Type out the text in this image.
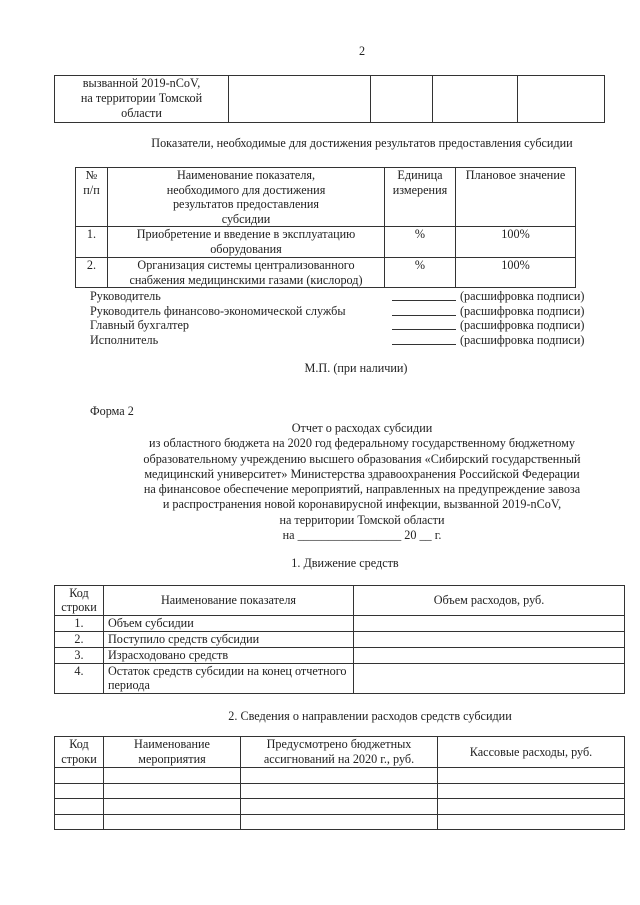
2
вызванной 2019-nCoV,
на территории Томской
области				
Показатели, необходимые для достижения результатов предоставления субсидии
№ п/п	Наименование показателя, необходимого для достижения результатов предоставления субсидии	Единица измерения	Плановое значение
1.	Приобретение и введение в эксплуатацию оборудования	%	100%
2.	Организация системы централизованного снабжения медицинскими газами (кислород)	%	100%
Руководитель	(расшифровка подписи)
Руководитель финансово-экономической службы	(расшифровка подписи)
Главный бухгалтер	(расшифровка подписи)
Исполнитель	(расшифровка подписи)
М.П. (при наличии)
Форма 2
Отчет о расходах субсидии
из областного бюджета на 2020 год федеральному государственному бюджетному
образовательному учреждению высшего образования «Сибирский государственный
медицинский университет» Министерства здравоохранения Российской Федерации
на финансовое обеспечение мероприятий, направленных на предупреждение завоза
и распространения новой коронавирусной инфекции, вызванной 2019-nCoV,
на территории Томской области
на _________________ 20 __ г.
1. Движение средств
Код строки	Наименование показателя	Объем расходов, руб.
1.	Объем субсидии	
2.	Поступило средств субсидии	
3.	Израсходовано средств	
4.	Остаток средств субсидии на конец отчетного периода	
2. Сведения о направлении расходов средств субсидии
Код строки	Наименование мероприятия	Предусмотрено бюджетных ассигнований на 2020 г., руб.	Кассовые расходы, руб.
